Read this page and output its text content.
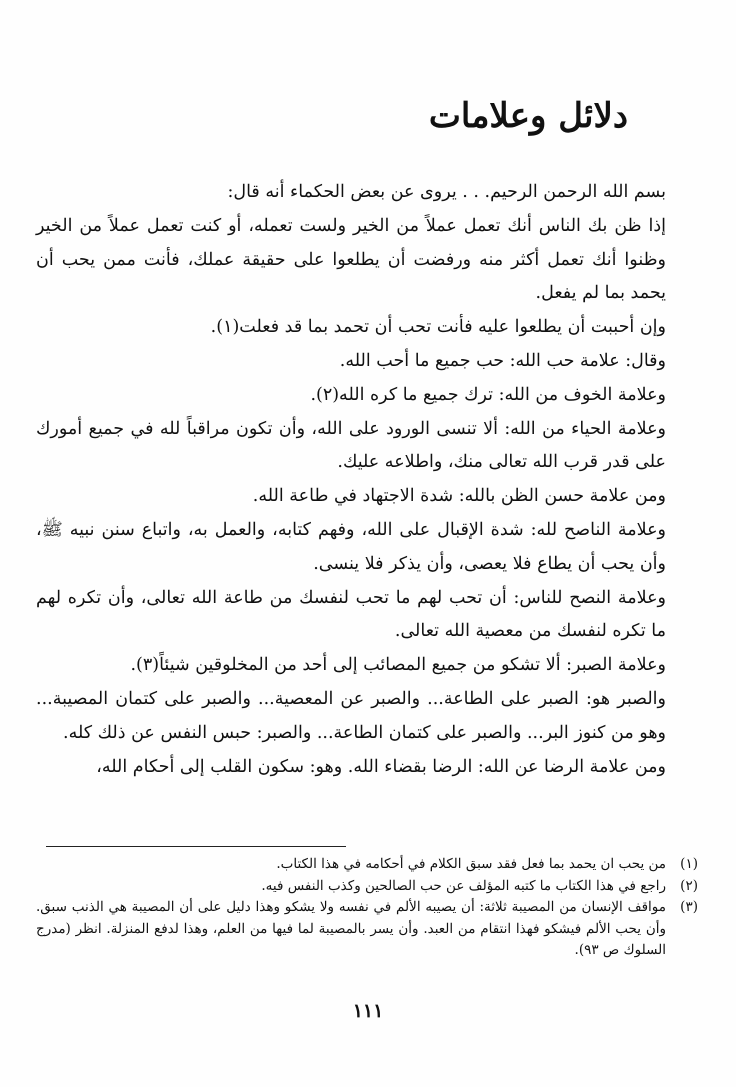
دلائل وعلامات

بسم الله الرحمن الرحيم. . . يروى عن بعض الحكماء أنه قال:

إذا ظن بك الناس أنك تعمل عملاً من الخير ولست تعمله، أو كنت تعمل عملاً من الخير وظنوا أنك تعمل أكثر منه ورفضت أن يطلعوا على حقيقة عملك، فأنت ممن يحب أن يحمد بما لم يفعل.

وإن أحببت أن يطلعوا عليه فأنت تحب أن تحمد بما قد فعلت(١).

وقال: علامة حب الله: حب جميع ما أحب الله.

وعلامة الخوف من الله: ترك جميع ما كره الله(٢).

وعلامة الحياء من الله: ألا تنسى الورود على الله، وأن تكون مراقباً لله في جميع أمورك على قدر قرب الله تعالى منك، واطلاعه عليك.

ومن علامة حسن الظن بالله: شدة الاجتهاد في طاعة الله.

وعلامة الناصح لله: شدة الإقبال على الله، وفهم كتابه، والعمل به، واتباع سنن نبيه ﷺ، وأن يحب أن يطاع فلا يعصى، وأن يذكر فلا ينسى.

وعلامة النصح للناس: أن تحب لهم ما تحب لنفسك من طاعة الله تعالى، وأن تكره لهم ما تكره لنفسك من معصية الله تعالى.

وعلامة الصبر: ألا تشكو من جميع المصائب إلى أحد من المخلوقين شيئاً(٣).

والصبر هو: الصبر على الطاعة... والصبر عن المعصية... والصبر على كتمان المصيبة... وهو من كنوز البر... والصبر على كتمان الطاعة... والصبر: حبس النفس عن ذلك كله.

ومن علامة الرضا عن الله: الرضا بقضاء الله. وهو: سكون القلب إلى أحكام الله،

(١)
من يحب ان يحمد بما فعل فقد سبق الكلام في أحكامه في هذا الكتاب.
(٢)
راجع في هذا الكتاب ما كتبه المؤلف عن حب الصالحين وكذب النفس فيه.
(٣)
مواقف الإنسان من المصيبة ثلاثة: أن يصيبه الألم في نفسه ولا يشكو وهذا دليل على أن المصيبة هي الذنب سبق. وأن يحب الألم فيشكو فهذا انتقام من العبد. وأن يسر بالمصيبة لما فيها من العلم، وهذا لدفع المنزلة. انظر (مدرج السلوك ص ٩٣).
١١١
